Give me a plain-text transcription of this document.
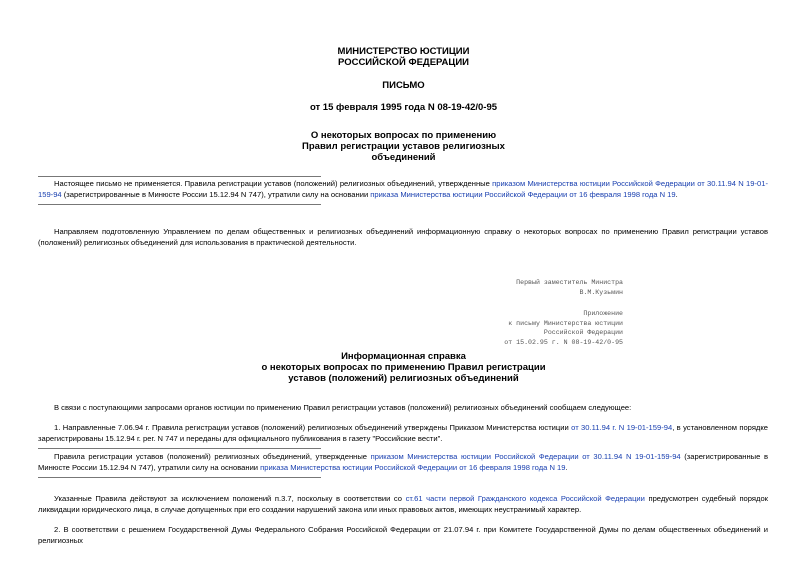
МИНИСТЕРСТВО ЮСТИЦИИ
РОССИЙСКОЙ ФЕДЕРАЦИИ
ПИСЬМО
от 15 февраля 1995 года N 08-19-42/0-95
О некоторых вопросах по применению
Правил регистрации уставов религиозных
объединений
Настоящее письмо не применяется. Правила регистрации уставов (положений) религиозных объединений, утвержденные приказом Министерства юстиции Российской Федерации от 30.11.94 N 19-01-159-94 (зарегистрированные в Минюсте России 15.12.94 N 747), утратили силу на основании приказа Министерства юстиции Российской Федерации от 16 февраля 1998 года N 19.
Направляем подготовленную Управлением по делам общественных и религиозных объединений информационную справку о некоторых вопросах по применению Правил регистрации уставов (положений) религиозных объединений для использования в практической деятельности.
Первый заместитель Министра
В.М.Кузьмин
Приложение
к письму Министерства юстиции
Российской Федерации
от 15.02.95 г. N 08-19-42/0-95
Информационная справка
о некоторых вопросах по применению Правил регистрации
уставов (положений) религиозных объединений
В связи с поступающими запросами органов юстиции по применению Правил регистрации уставов (положений) религиозных объединений сообщаем следующее:
1. Направленные 7.06.94 г. Правила регистрации уставов (положений) религиозных объединений утверждены Приказом Министерства юстиции от 30.11.94 г. N 19-01-159-94, в установленном порядке зарегистрированы 15.12.94 г. рег. N 747 и переданы для официального публикования в газету "Российские вести".
Правила регистрации уставов (положений) религиозных объединений, утвержденные приказом Министерства юстиции Российской Федерации от 30.11.94 N 19-01-159-94 (зарегистрированные в Минюсте России 15.12.94 N 747), утратили силу на основании приказа Министерства юстиции Российской Федерации от 16 февраля 1998 года N 19.
Указанные Правила действуют за исключением положений п.3.7, поскольку в соответствии со ст.61 части первой Гражданского кодекса Российской Федерации предусмотрен судебный порядок ликвидации юридического лица, в случае допущенных при его создании нарушений закона или иных правовых актов, имеющих неустранимый характер.
2. В соответствии с решением Государственной Думы Федерального Собрания Российской Федерации от 21.07.94 г. при Комитете Государственной Думы по делам общественных объединений и религиозных
